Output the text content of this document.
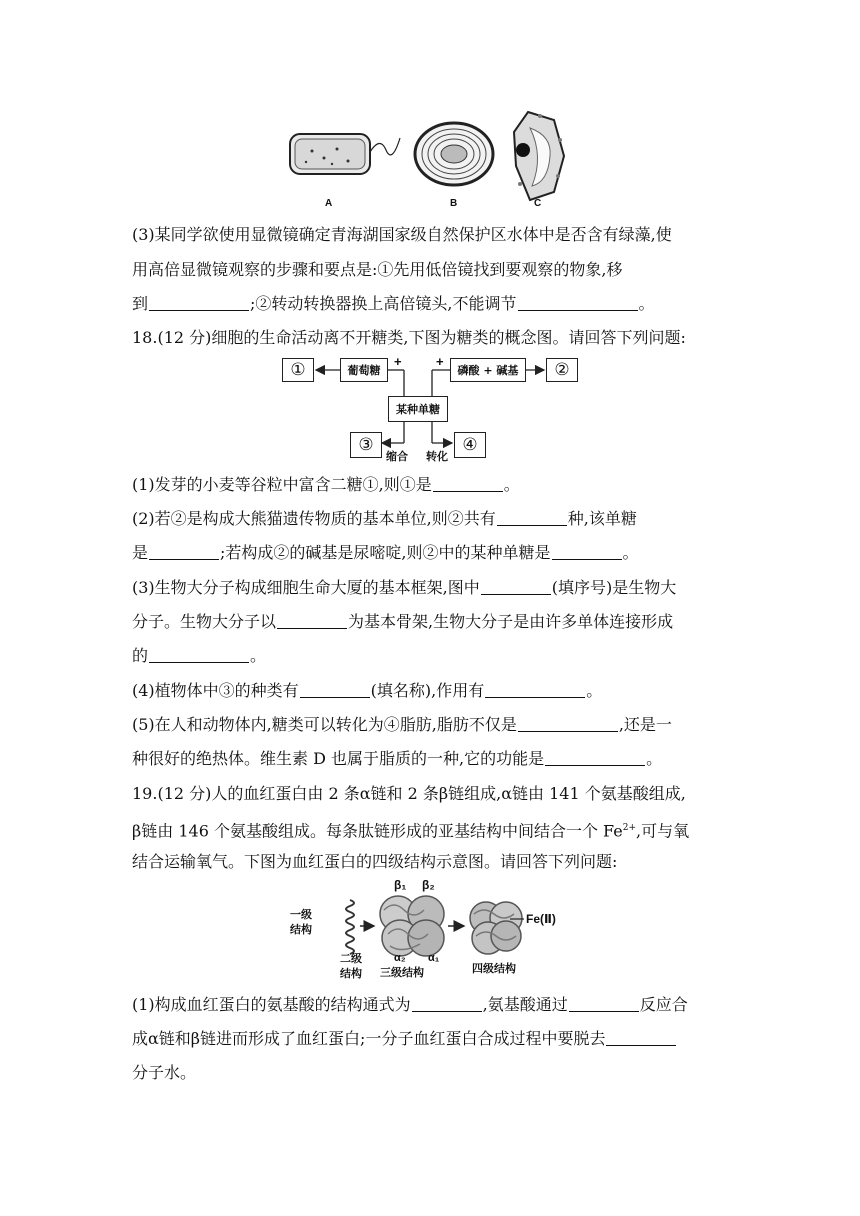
A	B	C
(3)某同学欲使用显微镜确定青海湖国家级自然保护区水体中是否含有绿藻,使
用高倍显微镜观察的步骤和要点是:①先用低倍镜找到要观察的物象,移
到	;②转动转换器换上高倍镜头,不能调节	。
18.(12 分)细胞的生命活动离不开糖类,下图为糖类的概念图。请回答下列问题:
①	葡萄糖	磷酸 + 碱基	②
某种单糖
③	④
+	+
缩合 转化
(1)发芽的小麦等谷粒中富含二糖①,则①是	。
(2)若②是构成大熊猫遗传物质的基本单位,则②共有	种,该单糖
是	;若构成②的碱基是尿嘧啶,则②中的某种单糖是	。
(3)生物大分子构成细胞生命大厦的基本框架,图中	(填序号)是生物大
分子。生物大分子以	为基本骨架,生物大分子是由许多单体连接形成
的	。
(4)植物体中③的种类有	(填名称),作用有	。
(5)在人和动物体内,糖类可以转化为④脂肪,脂肪不仅是	,还是一
种很好的绝热体。维生素 D 也属于脂质的一种,它的功能是	。
19.(12 分)人的血红蛋白由 2 条α链和 2 条β链组成,α链由 141 个氨基酸组成,
β链由 146 个氨基酸组成。每条肽链形成的亚基结构中间结合一个 $Fe^{2+}$,可与氧
结合运输氧气。下图为血红蛋白的四级结构示意图。请回答下列问题:
一级
结构
二级
结构 三级结构	四级结构
β₁ β₂
α₂ α₁
Fe(Ⅱ)
(1)构成血红蛋白的氨基酸的结构通式为	,氨基酸通过	反应合
成α链和β链进而形成了血红蛋白;一分子血红蛋白合成过程中要脱去
分子水。
